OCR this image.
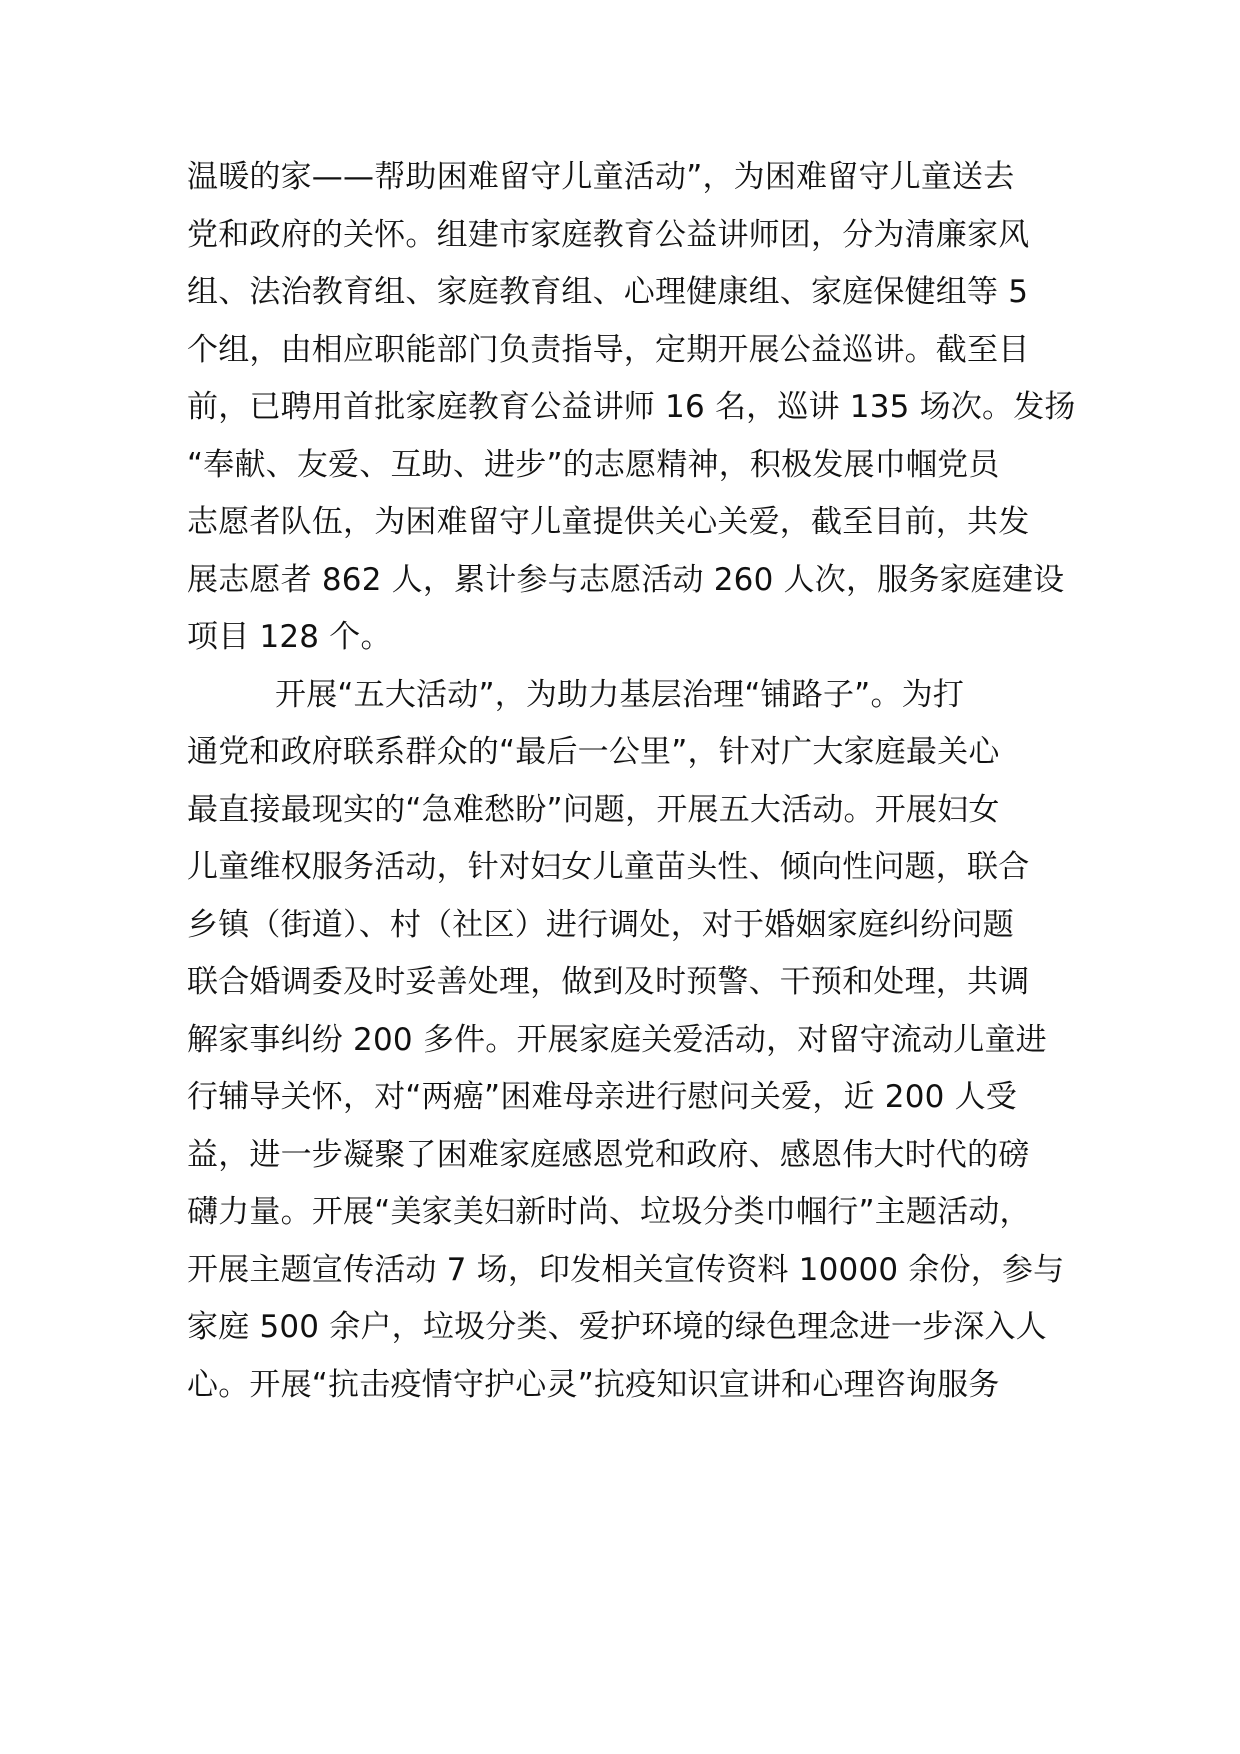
温暖的家——帮助困难留守儿童活动”，为困难留守儿童送去
党和政府的关怀。组建市家庭教育公益讲师团，分为清廉家风
组、法治教育组、家庭教育组、心理健康组、家庭保健组等 5
个组，由相应职能部门负责指导，定期开展公益巡讲。截至目
前，已聘用首批家庭教育公益讲师 16 名，巡讲 135 场次。发扬
“奉献、友爱、互助、进步”的志愿精神，积极发展巾帼党员
志愿者队伍，为困难留守儿童提供关心关爱，截至目前，共发
展志愿者 862 人，累计参与志愿活动 260 人次，服务家庭建设
项目 128 个。
开展“五大活动”，为助力基层治理“铺路子”。为打
通党和政府联系群众的“最后一公里”，针对广大家庭最关心
最直接最现实的“急难愁盼”问题，开展五大活动。开展妇女
儿童维权服务活动，针对妇女儿童苗头性、倾向性问题，联合
乡镇（街道）、村（社区）进行调处，对于婚姻家庭纠纷问题
联合婚调委及时妥善处理，做到及时预警、干预和处理，共调
解家事纠纷 200 多件。开展家庭关爱活动，对留守流动儿童进
行辅导关怀，对“两癌”困难母亲进行慰问关爱，近 200 人受
益，进一步凝聚了困难家庭感恩党和政府、感恩伟大时代的磅
礴力量。开展“美家美妇新时尚、垃圾分类巾帼行”主题活动，
开展主题宣传活动 7 场，印发相关宣传资料 10000 余份，参与
家庭 500 余户，垃圾分类、爱护环境的绿色理念进一步深入人
心。开展“抗击疫情守护心灵”抗疫知识宣讲和心理咨询服务
